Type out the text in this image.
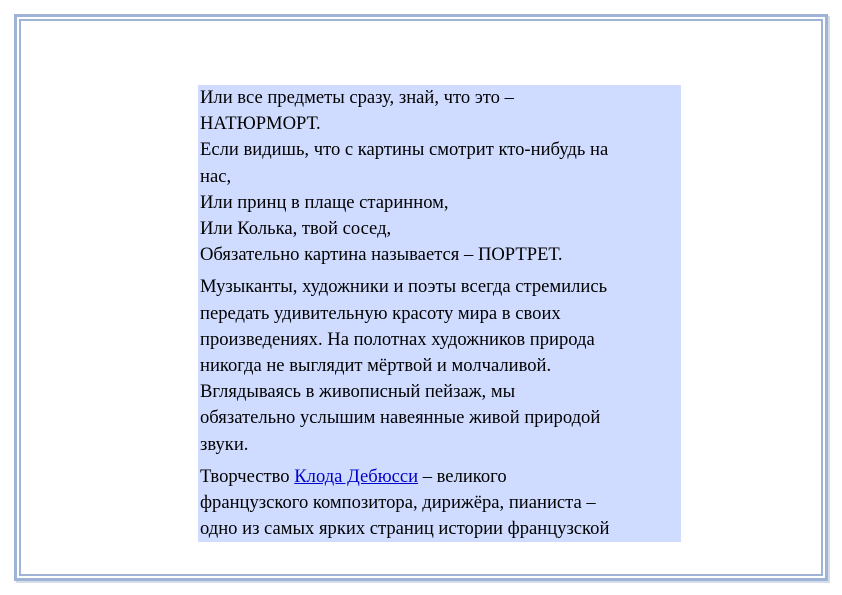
Или все предметы сразу, знай, что это –
НАТЮРМОРТ.
Если видишь, что с картины смотрит кто-нибудь на
нас,
Или принц в плаще старинном,
Или Колька, твой сосед,
Обязательно картина называется – ПОРТРЕТ.
Музыканты, художники и поэты всегда стремились
передать удивительную красоту мира в своих
произведениях. На полотнах художников природа
никогда не выглядит мёртвой и молчаливой.
Вглядываясь в живописный пейзаж, мы
обязательно услышим навеянные живой природой
звуки.
Творчество Клода Дебюсси – великого
французского композитора, дирижёра, пианиста –
одно из самых ярких страниц истории французской
